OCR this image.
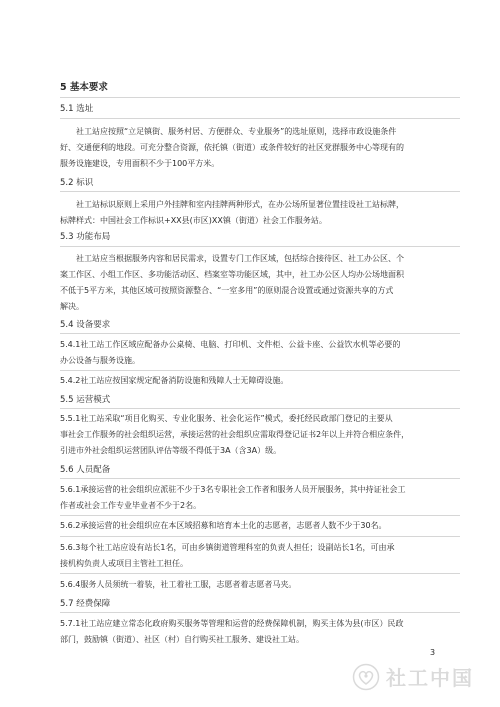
5 基本要求
5.1 选址
社工站应按照“立足镇街、服务村居、方便群众、专业服务”的选址原则，选择市政设施条件
好、交通便利的地段。可充分整合资源，依托镇（街道）或条件较好的社区党群服务中心等现有的
服务设施建设，专用面积不少于100平方米。
5.2 标识
社工站标识原则上采用户外挂牌和室内挂牌两种形式，在办公场所显著位置挂设社工站标牌，
标牌样式：中国社会工作标识+XX县(市区)XX镇（街道）社会工作服务站。
5.3 功能布局
社工站应当根据服务内容和居民需求，设置专门工作区域，包括综合接待区、社工办公区、个
案工作区、小组工作区、多功能活动区、档案室等功能区域，其中，社工办公区人均办公场地面积
不低于5平方米，其他区域可按照资源整合、“一室多用”的原则混合设置或通过资源共享的方式
解决。
5.4 设备要求
5.4.1社工站工作区域应配备办公桌椅、电脑、打印机、文件柜、公益卡座、公益饮水机等必要的
办公设备与服务设施。
5.4.2社工站应按国家规定配备消防设施和残障人士无障碍设施。
5.5 运营模式
5.5.1社工站采取“项目化购买、专业化服务、社会化运作”模式，委托经民政部门登记的主要从
事社会工作服务的社会组织运营，承接运营的社会组织应需取得登记证书2年以上并符合相应条件，
引进市外社会组织运营团队评估等级不得低于3A（含3A）级。
5.6 人员配备
5.6.1承接运营的社会组织应派驻不少于3名专职社会工作者和服务人员开展服务，其中持证社会工
作者或社会工作专业毕业者不少于2名。
5.6.2承接运营的社会组织应在本区域招募和培育本土化的志愿者，志愿者人数不少于30名。
5.6.3每个社工站应设有站长1名，可由乡镇街道管理科室的负责人担任；设副站长1名，可由承
接机构负责人或项目主管社工担任。
5.6.4服务人员须统一着装，社工着社工服，志愿者着志愿者马夹。
5.7 经费保障
5.7.1社工站应建立常态化政府购买服务等管理和运营的经费保障机制，购买主体为县(市区）民政
部门，鼓励镇（街道）、社区（村）自行购买社工服务、建设社工站。
3
社工中国
